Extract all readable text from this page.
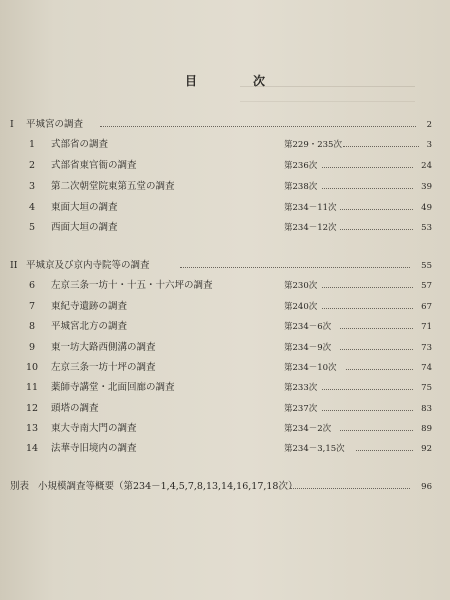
目　次
I	平城宮の調査	2
1	式部省の調査	第229・235次	3
2	式部省東官衙の調査	第236次	24
3	第二次朝堂院東第五堂の調査	第238次	39
4	東面大垣の調査	第234－11次	49
5	西面大垣の調査	第234－12次	53
II 平城京及び京内寺院等の調査	55
6	左京三条一坊十・十五・十六坪の調査	第230次	57
7	東紀寺遺跡の調査	第240次	67
8	平城宮北方の調査	第234－6次	71
9	東一坊大路西側溝の調査	第234－9次	73
10 左京三条一坊十坪の調査	第234－10次	74
11 薬師寺講堂・北面回廊の調査	第233次	75
12 頭塔の調査	第237次	83
13 東大寺南大門の調査	第234－2次	89
14 法華寺旧境内の調査	第234－3,15次	92
別表 小規模調査等概要（第234－1,4,5,7,8,13,14,16,17,18次）	96
